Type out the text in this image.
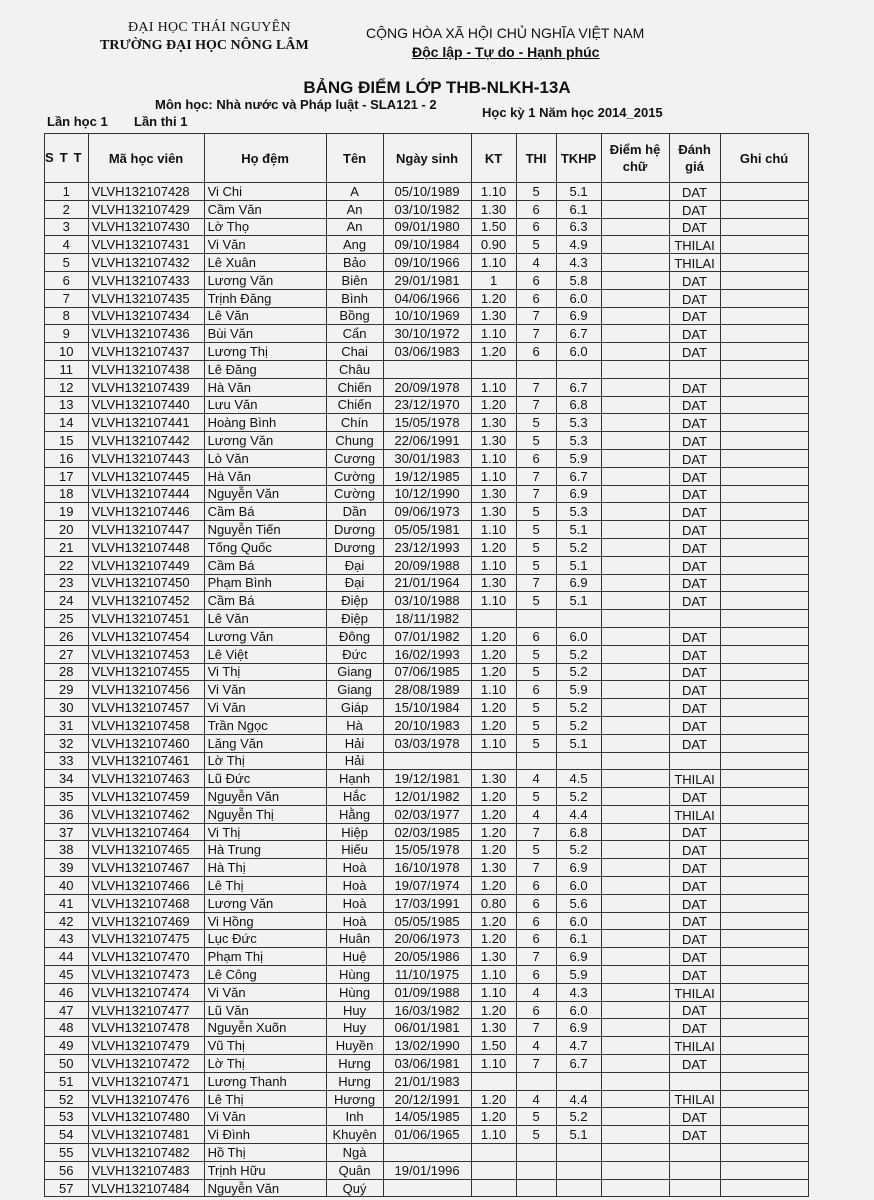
ĐẠI HỌC THÁI NGUYÊN
TRƯỜNG ĐẠI HỌC NÔNG LÂM
CỘNG HÒA XÃ HỘI CHỦ NGHĨA VIỆT NAM
Độc lập - Tự do - Hạnh phúc
BẢNG ĐIỂM LỚP THB-NLKH-13A
Môn học: Nhà nước và Pháp luật - SLA121 - 2
Học kỳ 1 Năm học 2014_2015
Lần học 1 Lần thi 1
STT	Mã học viên	Họ đệm	Tên	Ngày sinh	KT	THI	TKHP	Điểm hệ chữ	Đánh giá	Ghi chú
1	VLVH132107428	Vi Chi	A	05/10/1989	1.10	5	5.1		DAT	
2	VLVH132107429	Cầm Văn	An	03/10/1982	1.30	6	6.1		DAT	
3	VLVH132107430	Lờ Thọ	An	09/01/1980	1.50	6	6.3		DAT	
4	VLVH132107431	Vi Văn	Ang	09/10/1984	0.90	5	4.9		THILAI	
5	VLVH132107432	Lê Xuân	Bảo	09/10/1966	1.10	4	4.3		THILAI	
6	VLVH132107433	Lương Văn	Biên	29/01/1981	1	6	5.8		DAT	
7	VLVH132107435	Trịnh Đăng	Bình	04/06/1966	1.20	6	6.0		DAT	
8	VLVH132107434	Lê Văn	Bồng	10/10/1969	1.30	7	6.9		DAT	
9	VLVH132107436	Bùi Văn	Cẩn	30/10/1972	1.10	7	6.7		DAT	
10	VLVH132107437	Lương Thị	Chai	03/06/1983	1.20	6	6.0		DAT	
11	VLVH132107438	Lê Đăng	Châu							
12	VLVH132107439	Hà Văn	Chiến	20/09/1978	1.10	7	6.7		DAT	
13	VLVH132107440	Lưu Văn	Chiến	23/12/1970	1.20	7	6.8		DAT	
14	VLVH132107441	Hoàng Bình	Chín	15/05/1978	1.30	5	5.3		DAT	
15	VLVH132107442	Lương Văn	Chung	22/06/1991	1.30	5	5.3		DAT	
16	VLVH132107443	Lò Văn	Cương	30/01/1983	1.10	6	5.9		DAT	
17	VLVH132107445	Hà Văn	Cường	19/12/1985	1.10	7	6.7		DAT	
18	VLVH132107444	Nguyễn Văn	Cường	10/12/1990	1.30	7	6.9		DAT	
19	VLVH132107446	Cầm Bá	Dần	09/06/1973	1.30	5	5.3		DAT	
20	VLVH132107447	Nguyễn Tiến	Dương	05/05/1981	1.10	5	5.1		DAT	
21	VLVH132107448	Tống Quốc	Dương	23/12/1993	1.20	5	5.2		DAT	
22	VLVH132107449	Cầm Bá	Đại	20/09/1988	1.10	5	5.1		DAT	
23	VLVH132107450	Phạm Bình	Đại	21/01/1964	1.30	7	6.9		DAT	
24	VLVH132107452	Cầm Bá	Điệp	03/10/1988	1.10	5	5.1		DAT	
25	VLVH132107451	Lê Văn	Điệp	18/11/1982						
26	VLVH132107454	Lương Văn	Đông	07/01/1982	1.20	6	6.0		DAT	
27	VLVH132107453	Lê Việt	Đức	16/02/1993	1.20	5	5.2		DAT	
28	VLVH132107455	Vi Thị	Giang	07/06/1985	1.20	5	5.2		DAT	
29	VLVH132107456	Vi Văn	Giang	28/08/1989	1.10	6	5.9		DAT	
30	VLVH132107457	Vi Văn	Giáp	15/10/1984	1.20	5	5.2		DAT	
31	VLVH132107458	Trần Ngọc	Hà	20/10/1983	1.20	5	5.2		DAT	
32	VLVH132107460	Lăng Văn	Hải	03/03/1978	1.10	5	5.1		DAT	
33	VLVH132107461	Lờ Thị	Hải							
34	VLVH132107463	Lũ Đức	Hạnh	19/12/1981	1.30	4	4.5		THILAI	
35	VLVH132107459	Nguyễn Văn	Hắc	12/01/1982	1.20	5	5.2		DAT	
36	VLVH132107462	Nguyễn Thị	Hằng	02/03/1977	1.20	4	4.4		THILAI	
37	VLVH132107464	Vi Thị	Hiệp	02/03/1985	1.20	7	6.8		DAT	
38	VLVH132107465	Hà Trung	Hiếu	15/05/1978	1.20	5	5.2		DAT	
39	VLVH132107467	Hà Thị	Hoà	16/10/1978	1.30	7	6.9		DAT	
40	VLVH132107466	Lê Thị	Hoà	19/07/1974	1.20	6	6.0		DAT	
41	VLVH132107468	Lương Văn	Hoà	17/03/1991	0.80	6	5.6		DAT	
42	VLVH132107469	Vi Hồng	Hoà	05/05/1985	1.20	6	6.0		DAT	
43	VLVH132107475	Lục Đức	Huân	20/06/1973	1.20	6	6.1		DAT	
44	VLVH132107470	Phạm Thị	Huệ	20/05/1986	1.30	7	6.9		DAT	
45	VLVH132107473	Lê Công	Hùng	11/10/1975	1.10	6	5.9		DAT	
46	VLVH132107474	Vi Văn	Hùng	01/09/1988	1.10	4	4.3		THILAI	
47	VLVH132107477	Lũ Văn	Huy	16/03/1982	1.20	6	6.0		DAT	
48	VLVH132107478	Nguyễn Xuõn	Huy	06/01/1981	1.30	7	6.9		DAT	
49	VLVH132107479	Vũ Thị	Huyền	13/02/1990	1.50	4	4.7		THILAI	
50	VLVH132107472	Lờ Thị	Hưng	03/06/1981	1.10	7	6.7		DAT	
51	VLVH132107471	Lương Thanh	Hưng	21/01/1983						
52	VLVH132107476	Lê Thị	Hương	20/12/1991	1.20	4	4.4		THILAI	
53	VLVH132107480	Vi Văn	Inh	14/05/1985	1.20	5	5.2		DAT	
54	VLVH132107481	Vi Đình	Khuyên	01/06/1965	1.10	5	5.1		DAT	
55	VLVH132107482	Hồ Thị	Ngà							
56	VLVH132107483	Trịnh Hữu	Quân	19/01/1996						
57	VLVH132107484	Nguyễn Văn	Quý							
